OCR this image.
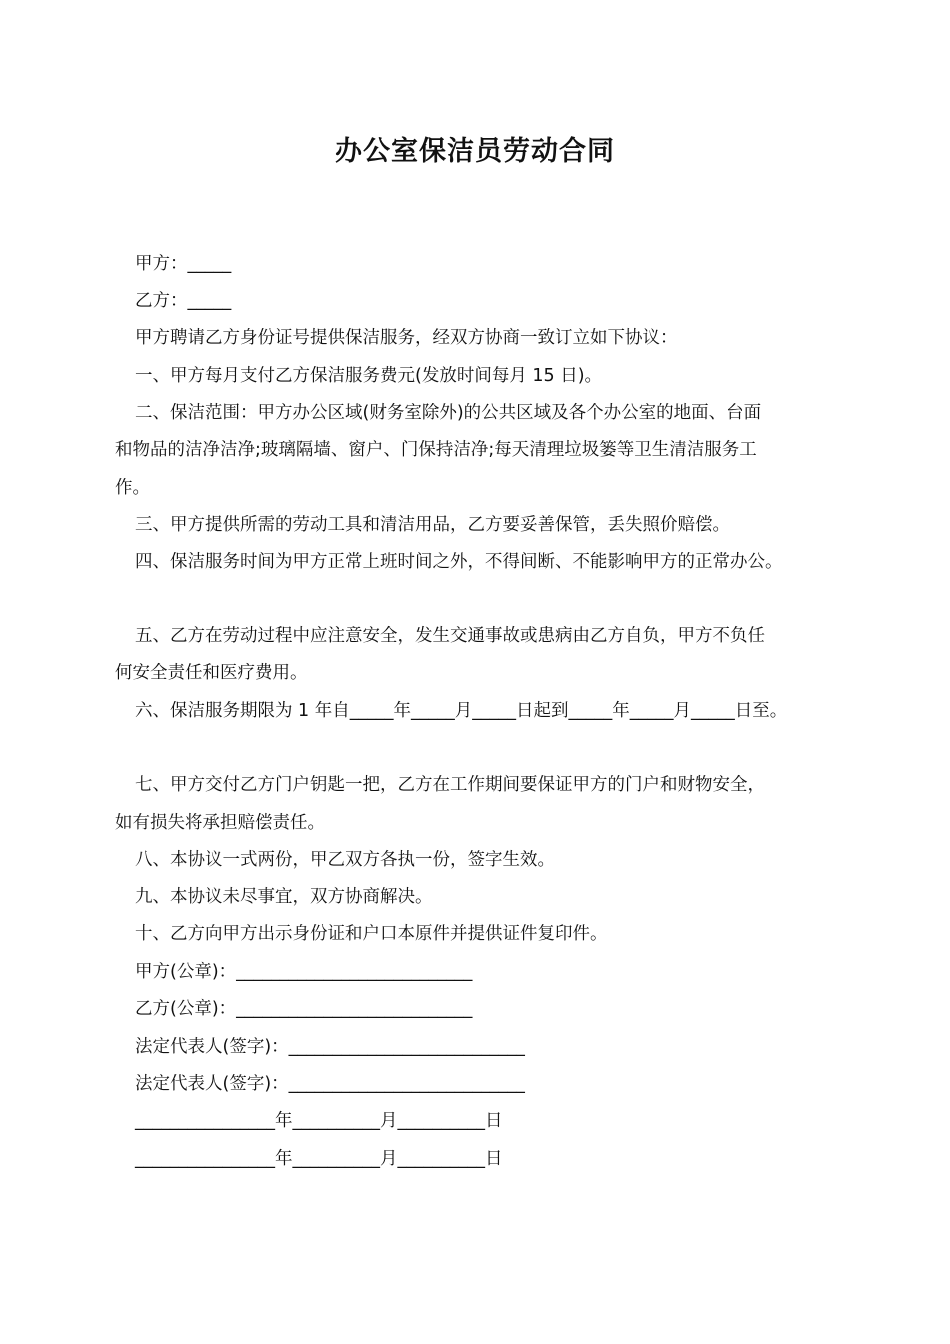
办公室保洁员劳动合同
甲方：_____
乙方：_____
甲方聘请乙方身份证号提供保洁服务，经双方协商一致订立如下协议：
一、甲方每月支付乙方保洁服务费元(发放时间每月 15 日)。
二、保洁范围：甲方办公区域(财务室除外)的公共区域及各个办公室的地面、台面
和物品的洁净洁净;玻璃隔墙、窗户、门保持洁净;每天清理垃圾篓等卫生清洁服务工
作。
三、甲方提供所需的劳动工具和清洁用品，乙方要妥善保管，丢失照价赔偿。
四、保洁服务时间为甲方正常上班时间之外，不得间断、不能影响甲方的正常办公。
五、乙方在劳动过程中应注意安全，发生交通事故或患病由乙方自负，甲方不负任
何安全责任和医疗费用。
六、保洁服务期限为 1 年自_____年_____月_____日起到_____年_____月_____日至。
七、甲方交付乙方门户钥匙一把，乙方在工作期间要保证甲方的门户和财物安全，
如有损失将承担赔偿责任。
八、本协议一式两份，甲乙双方各执一份，签字生效。
九、本协议未尽事宜，双方协商解决。
十、乙方向甲方出示身份证和户口本原件并提供证件复印件。
甲方(公章)：___________________________
乙方(公章)：___________________________
法定代表人(签字)：___________________________
法定代表人(签字)：___________________________
________________年__________月__________日
________________年__________月__________日
